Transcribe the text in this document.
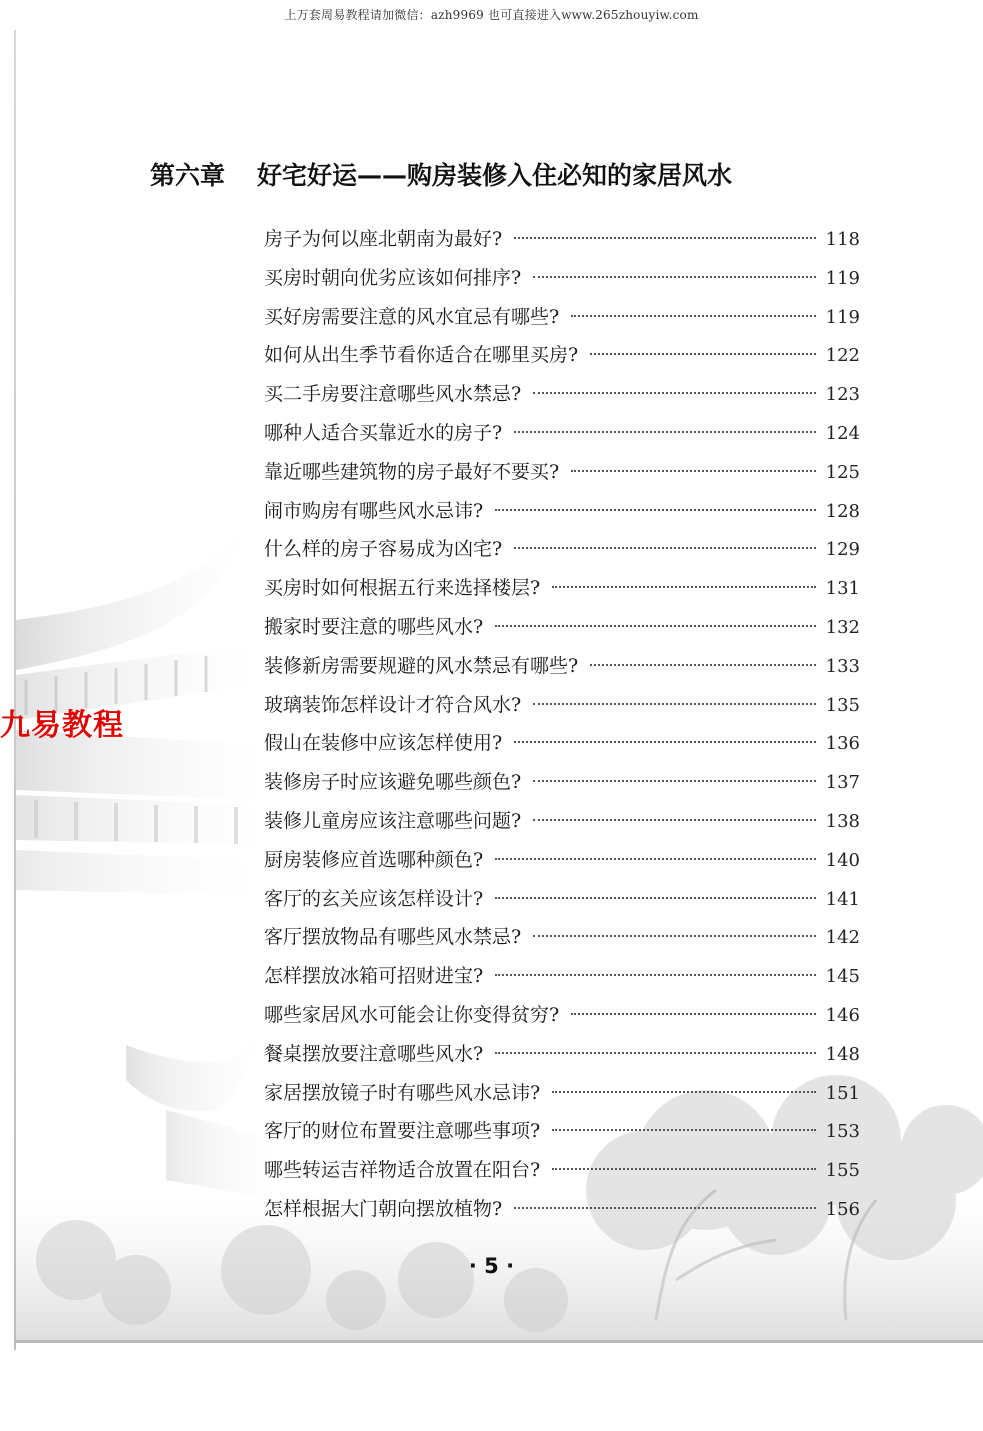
上万套周易教程请加微信：azh9969 也可直接进入www.265zhouyiw.com
九易教程
第六章 好宅好运——购房装修入住必知的家居风水
房子为何以座北朝南为最好?	118
买房时朝向优劣应该如何排序?	119
买好房需要注意的风水宜忌有哪些?	119
如何从出生季节看你适合在哪里买房?	122
买二手房要注意哪些风水禁忌?	123
哪种人适合买靠近水的房子?	124
靠近哪些建筑物的房子最好不要买?	125
闹市购房有哪些风水忌讳?	128
什么样的房子容易成为凶宅?	129
买房时如何根据五行来选择楼层?	131
搬家时要注意的哪些风水?	132
装修新房需要规避的风水禁忌有哪些?	133
玻璃装饰怎样设计才符合风水?	135
假山在装修中应该怎样使用?	136
装修房子时应该避免哪些颜色?	137
装修儿童房应该注意哪些问题?	138
厨房装修应首选哪种颜色?	140
客厅的玄关应该怎样设计?	141
客厅摆放物品有哪些风水禁忌?	142
怎样摆放冰箱可招财进宝?	145
哪些家居风水可能会让你变得贫穷?	146
餐桌摆放要注意哪些风水?	148
家居摆放镜子时有哪些风水忌讳?	151
客厅的财位布置要注意哪些事项?	153
哪些转运吉祥物适合放置在阳台?	155
怎样根据大门朝向摆放植物?	156
· 5 ·
